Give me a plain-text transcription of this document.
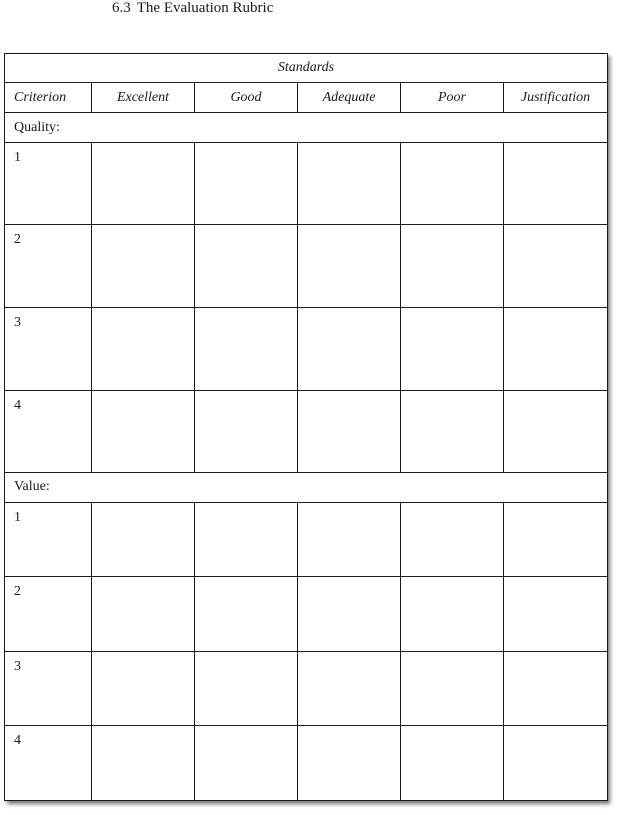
6.3 The Evaluation Rubric
Standards					
Criterion	Excellent	Good	Adequate	Poor	Justification
Quality:					
1					
2					
3					
4					
Value:					
1					
2					
3					
4					
